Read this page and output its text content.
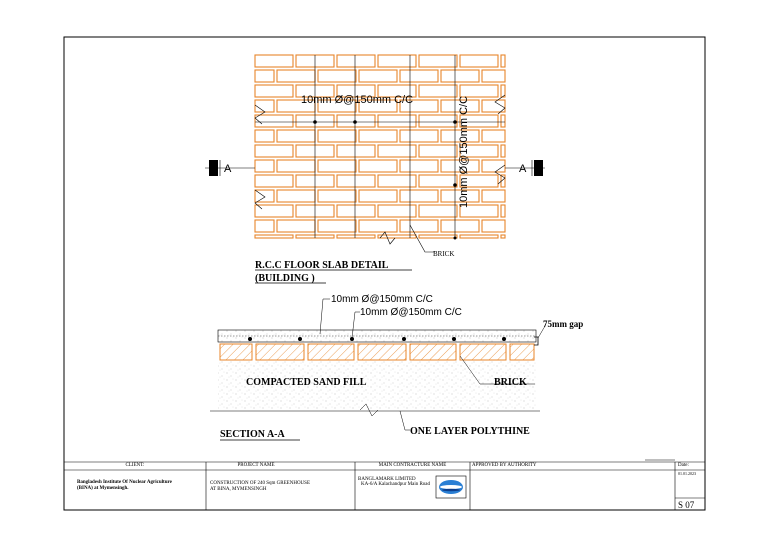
A	A
10mm Ø@150mm C/C	10mm Ø@150mm C/C
BRICK
R.C.C FLOOR SLAB DETAIL
(BUILDING )
75mm gap
10mm Ø@150mm C/C
10mm Ø@150mm C/C
COMPACTED SAND FILL	BRICK
ONE LAYER POLYTHINE
SECTION A-A
CLIENT:
Bangladesh Institute Of Nuclear Agriculture
(BINA) at Mymensingh.
PROJECT NAME
CONSTRUCTION OF 240 Sqm GREENHOUSE
AT BINA, MYMENSINGH
MAIN CONTRACTURE NAME
BANGLAMARK LIMITED
KA-6/A Kalachandpur Main Road
APPROVED BY AUTHORITY	Date:
01.01.2023
S 07
